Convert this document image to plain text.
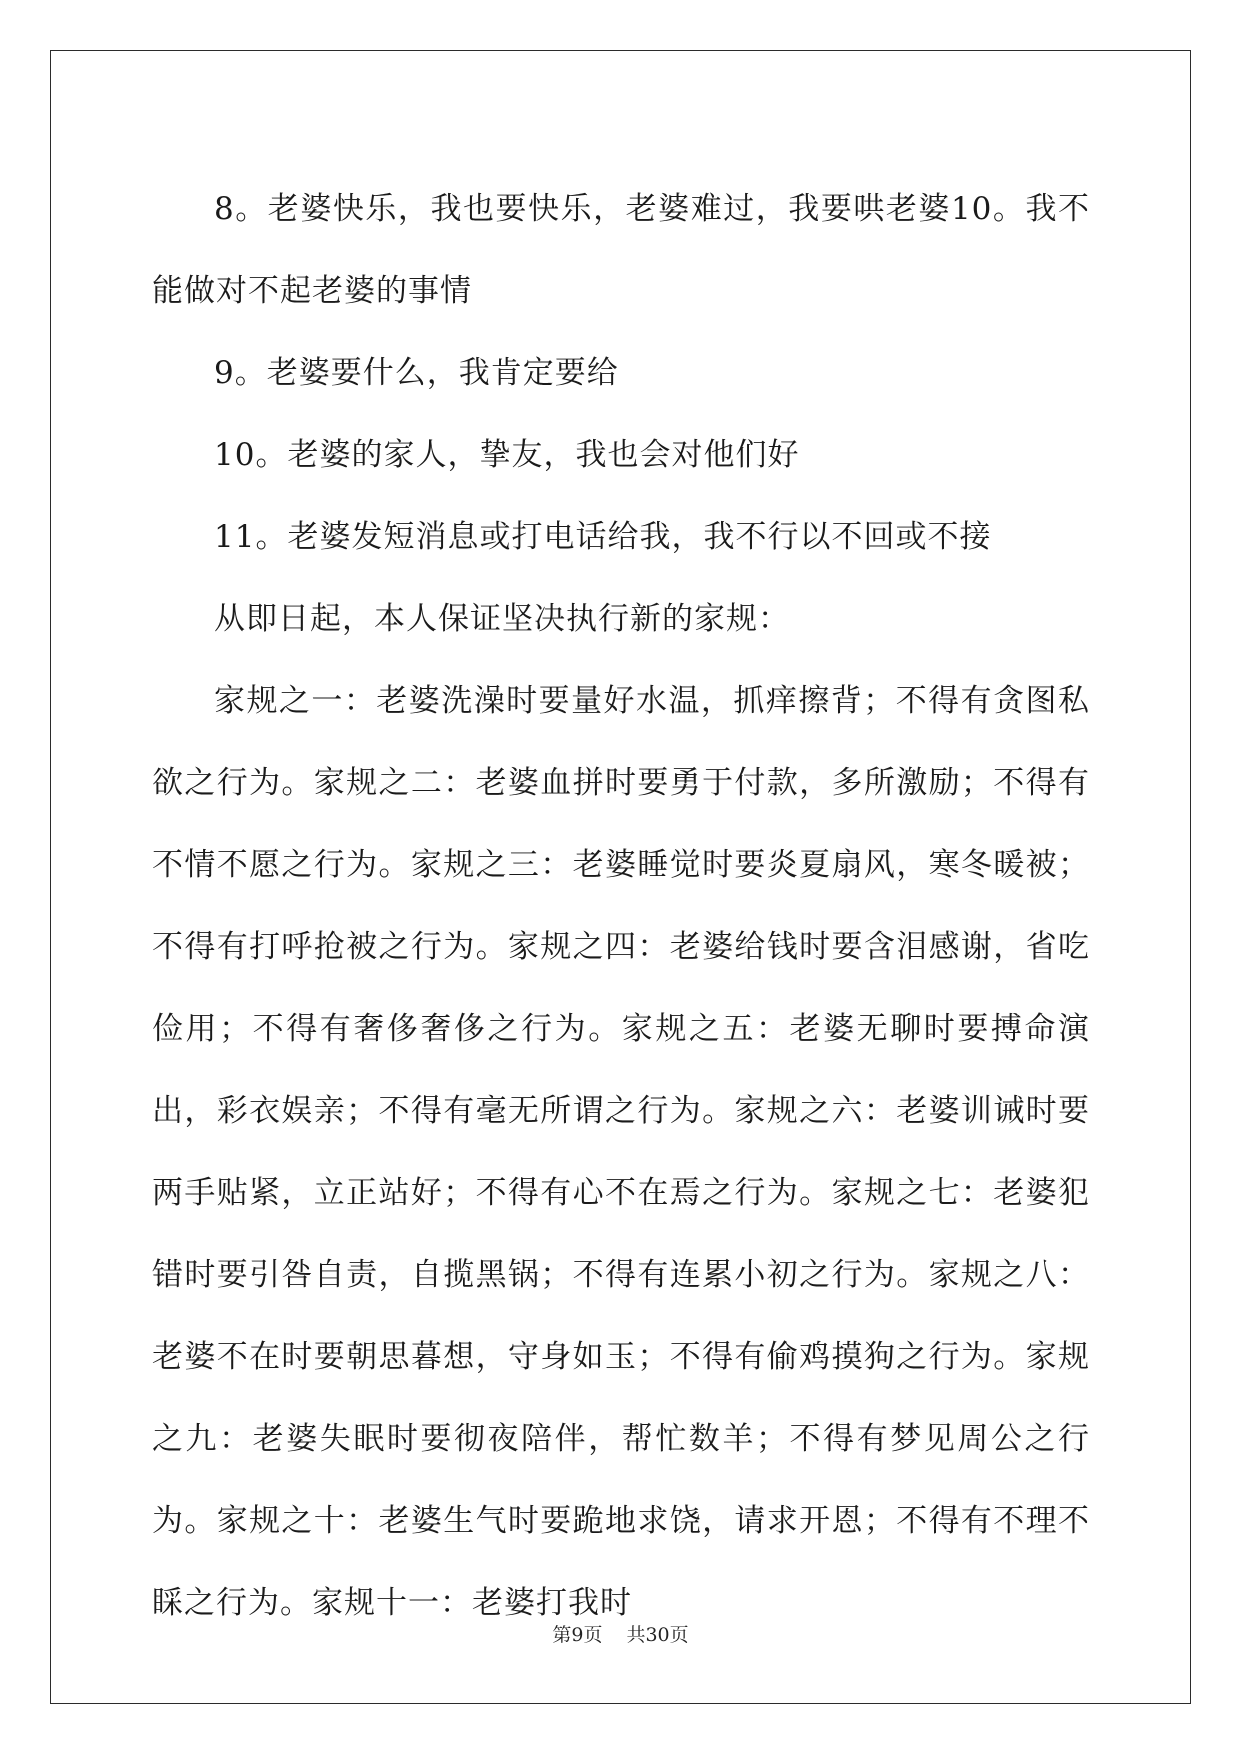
8。老婆快乐，我也要快乐，老婆难过，我要哄老婆10。我不能做对不起老婆的事情

9。老婆要什么，我肯定要给

10。老婆的家人，挚友，我也会对他们好

11。老婆发短消息或打电话给我，我不行以不回或不接

从即日起，本人保证坚决执行新的家规：

家规之一：老婆洗澡时要量好水温，抓痒擦背；不得有贪图私欲之行为。家规之二：老婆血拼时要勇于付款，多所激励；不得有不情不愿之行为。家规之三：老婆睡觉时要炎夏扇风，寒冬暖被；不得有打呼抢被之行为。家规之四：老婆给钱时要含泪感谢，省吃俭用；不得有奢侈奢侈之行为。家规之五：老婆无聊时要搏命演出，彩衣娱亲；不得有毫无所谓之行为。家规之六：老婆训诫时要两手贴紧，立正站好；不得有心不在焉之行为。家规之七：老婆犯错时要引咎自责，自揽黑锅；不得有连累小初之行为。家规之八：老婆不在时要朝思暮想，守身如玉；不得有偷鸡摸狗之行为。家规之九：老婆失眠时要彻夜陪伴，帮忙数羊；不得有梦见周公之行为。家规之十：老婆生气时要跪地求饶，请求开恩；不得有不理不睬之行为。家规十一：老婆打我时

第9页 共30页
